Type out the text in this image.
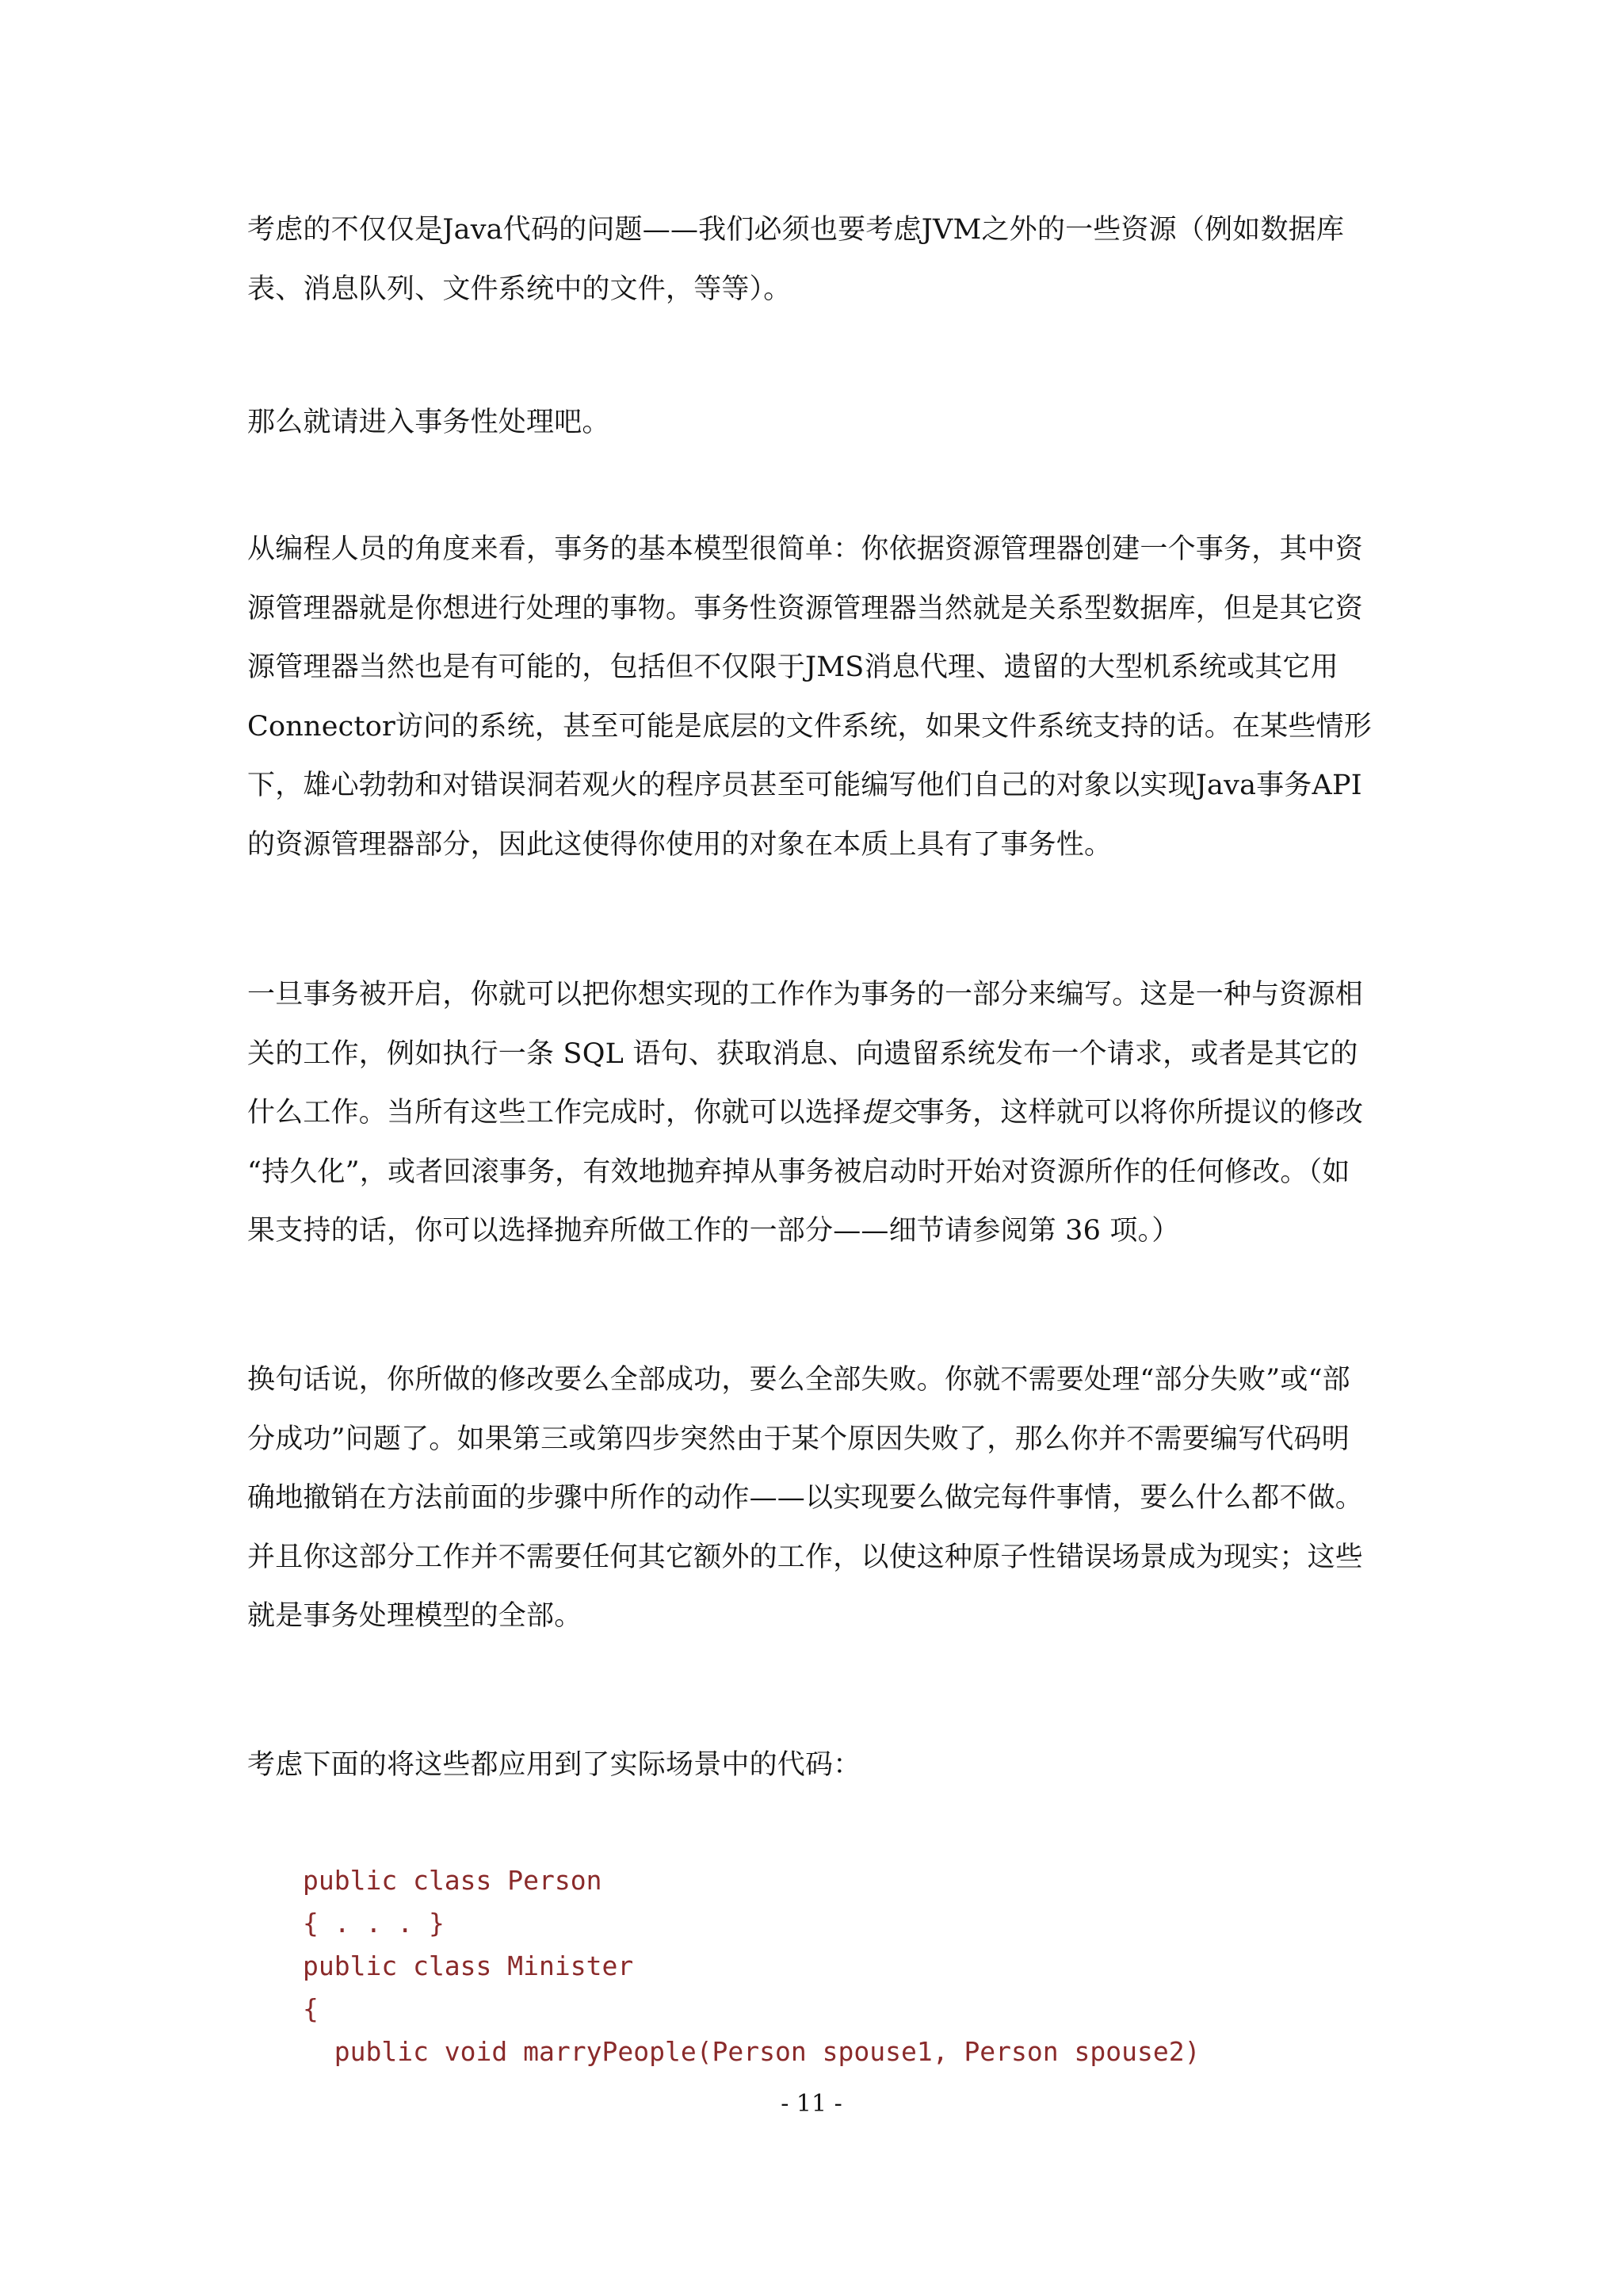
考虑的不仅仅是Java代码的问题——我们必须也要考虑JVM之外的一些资源（例如数据库
表、消息队列、文件系统中的文件，等等）。

那么就请进入事务性处理吧。

从编程人员的角度来看，事务的基本模型很简单：你依据资源管理器创建一个事务，其中资
源管理器就是你想进行处理的事物。事务性资源管理器当然就是关系型数据库，但是其它资
源管理器当然也是有可能的，包括但不仅限于JMS消息代理、遗留的大型机系统或其它用
Connector访问的系统，甚至可能是底层的文件系统，如果文件系统支持的话。在某些情形
下，雄心勃勃和对错误洞若观火的程序员甚至可能编写他们自己的对象以实现Java事务API
的资源管理器部分，因此这使得你使用的对象在本质上具有了事务性。

一旦事务被开启，你就可以把你想实现的工作作为事务的一部分来编写。这是一种与资源相
关的工作，例如执行一条 SQL 语句、获取消息、向遗留系统发布一个请求，或者是其它的
什么工作。当所有这些工作完成时，你就可以选择提交事务，这样就可以将你所提议的修改
“持久化”，或者回滚事务，有效地抛弃掉从事务被启动时开始对资源所作的任何修改。（如
果支持的话，你可以选择抛弃所做工作的一部分——细节请参阅第 36 项。）

换句话说，你所做的修改要么全部成功，要么全部失败。你就不需要处理“部分失败”或“部
分成功”问题了。如果第三或第四步突然由于某个原因失败了，那么你并不需要编写代码明
确地撤销在方法前面的步骤中所作的动作——以实现要么做完每件事情，要么什么都不做。
并且你这部分工作并不需要任何其它额外的工作，以使这种原子性错误场景成为现实；这些
就是事务处理模型的全部。

考虑下面的将这些都应用到了实际场景中的代码：

public class Person
{ . . . }
public class Minister
{
public void marryPeople(Person spouse1, Person spouse2)
- 11 -
